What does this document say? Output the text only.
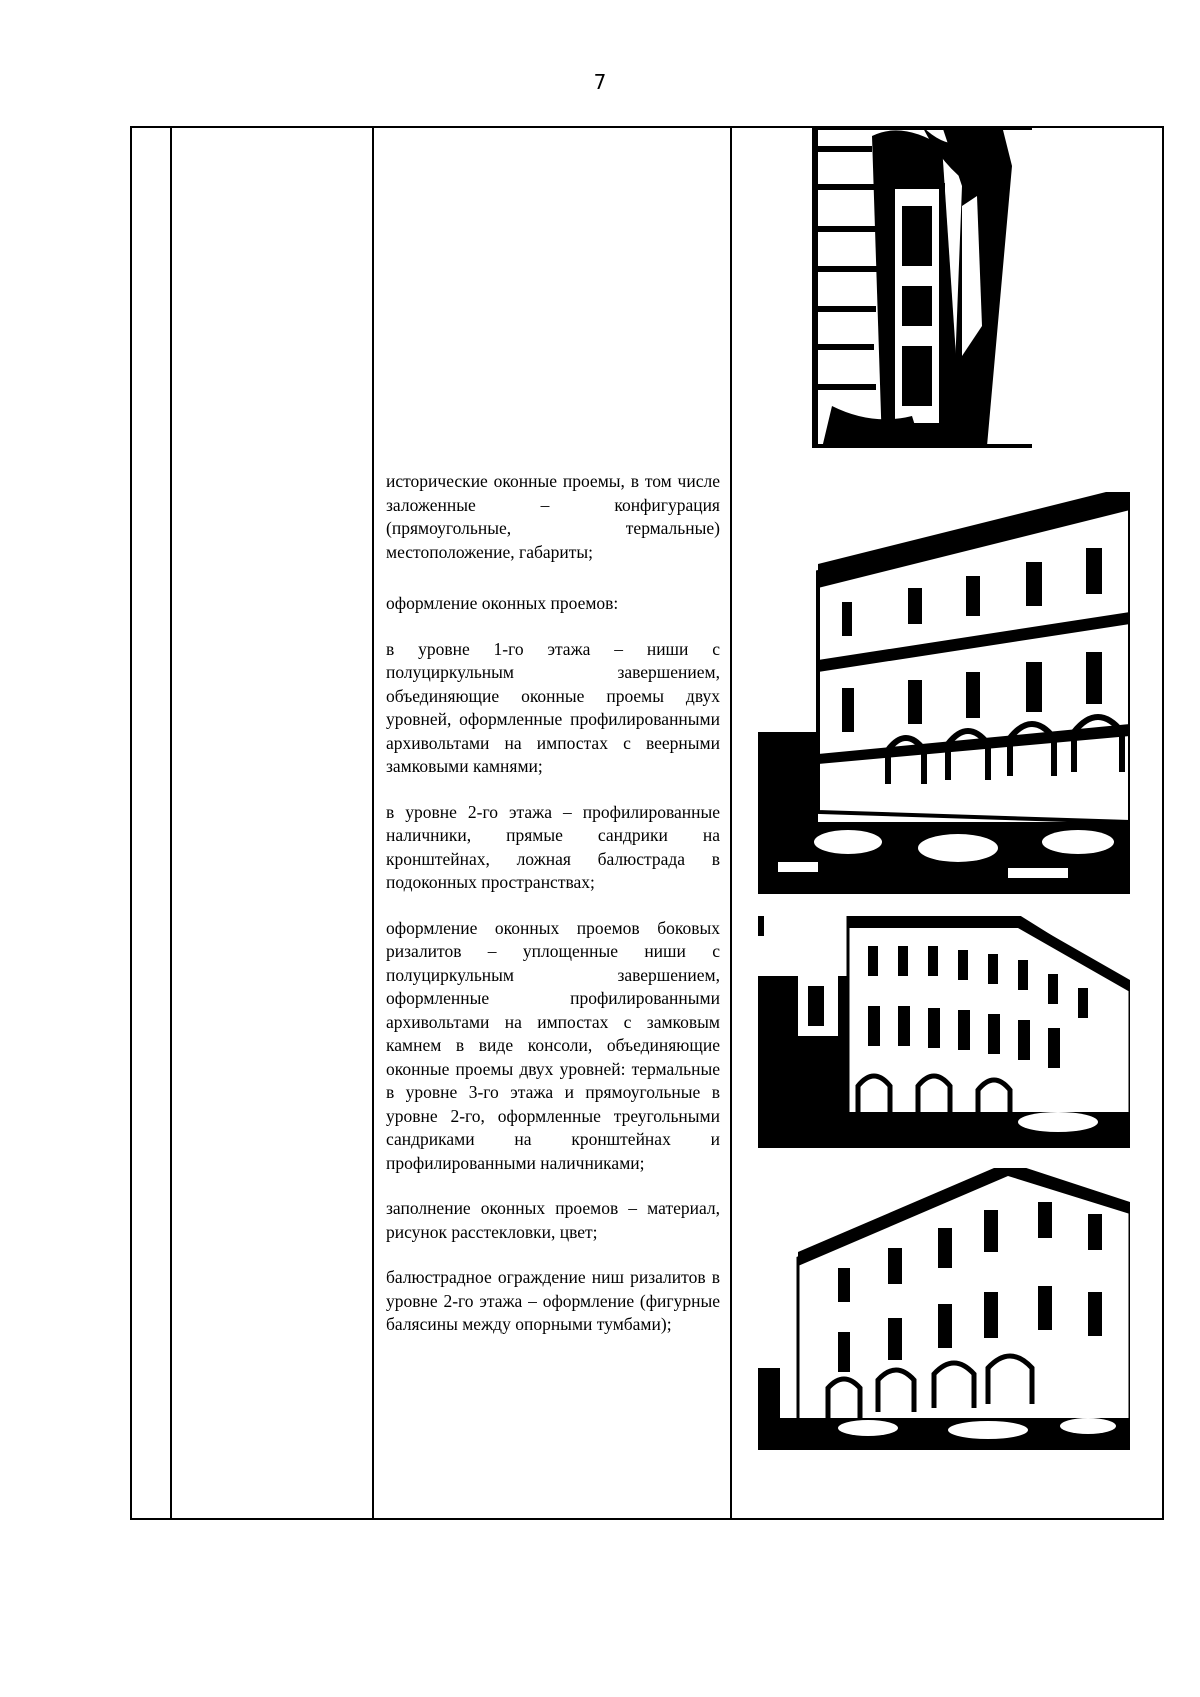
7

исторические оконные проемы, в том числе заложенные – конфигурация (прямоугольные, термальные) местоположение, габариты;

оформление оконных проемов:

в уровне 1-го этажа – ниши с полуциркульным завершением, объединяющие оконные проемы двух уровней, оформленные профилированными архивольтами на импостах с веерными замковыми камнями;

в уровне 2-го этажа – профилированные наличники, прямые сандрики на кронштейнах, ложная балюстрада в подоконных пространствах;

оформление оконных проемов боковых ризалитов – уплощенные ниши с полуциркульным завершением, оформленные профилированными архивольтами на импостах с замковым камнем в виде консоли, объединяющие оконные проемы двух уровней: термальные в уровне 3-го этажа и прямоугольные в уровне 2-го, оформленные треугольными сандриками на кронштейнах и профилированными наличниками;

заполнение оконных проемов – материал, рисунок расстекловки, цвет;

балюстрадное ограждение ниш ризалитов в уровне 2-го этажа – оформление (фигурные балясины между опорными тумбами);
